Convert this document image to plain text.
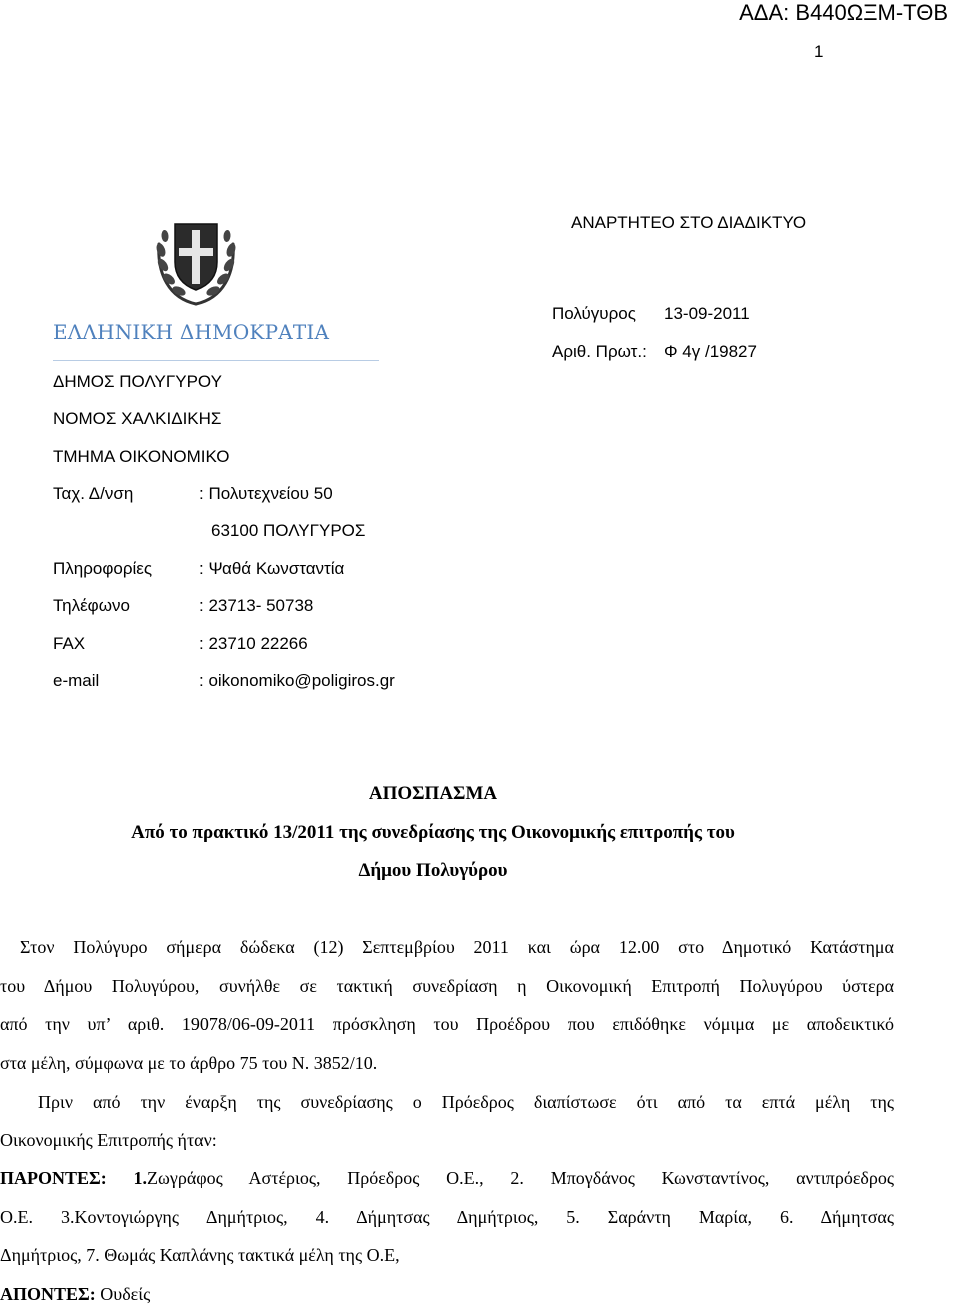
ΑΔΑ: Β440ΩΞΜ-ΤΘΒ
1
ΑΝΑΡΤΗΤΕΟ ΣΤΟ ΔΙΑΔΙΚΤΥΟ
ΕΛΛΗΝΙΚΗ ΔΗΜΟΚΡΑΤΙΑ
ΔΗΜΟΣ ΠΟΛΥΓΥΡΟΥ
ΝΟΜΟΣ ΧΑΛΚΙΔΙΚΗΣ
ΤΜΗΜΑ ΟΙΚΟΝΟΜΙΚΟ
Ταχ. Δ/νση	: Πολυτεχνείου 50
63100 ΠΟΛΥΓΥΡΟΣ
Πληροφορίες	: Ψαθά Κωνσταντία
Τηλέφωνο	: 23713- 50738
FAX	: 23710 22266
e-mail	: oikonomiko@poligiros.gr
Πολύγυρος 13-09-2011
Αριθ. Πρωτ.: Φ 4γ /19827
ΑΠΟΣΠΑΣΜΑ
Από το πρακτικό 13/2011 της συνεδρίασης της Οικονομικής επιτροπής του
Δήμου Πολυγύρου
Στον Πολύγυρο σήμερα δώδεκα (12) Σεπτεμβρίου 2011 και ώρα 12.00 στο Δημοτικό Κατάστημα
του Δήμου Πολυγύρου, συνήλθε σε τακτική συνεδρίαση η Οικονομική Επιτροπή Πολυγύρου ύστερα
από την υπ’ αριθ. 19078/06-09-2011 πρόσκληση του Προέδρου που επιδόθηκε νόμιμα με αποδεικτικό
στα μέλη, σύμφωνα με το άρθρο 75 του Ν. 3852/10.
Πριν από την έναρξη της συνεδρίασης ο Πρόεδρος διαπίστωσε ότι από τα επτά μέλη της
Οικονομικής Επιτροπής ήταν:
ΠΑΡΟΝΤΕΣ: 1.Ζωγράφος Αστέριος, Πρόεδρος Ο.Ε., 2. Μπογδάνος Κωνσταντίνος, αντιπρόεδρος
Ο.Ε. 3.Κοντογιώργης Δημήτριος, 4. Δήμητσας Δημήτριος, 5. Σαράντη Μαρία, 6. Δήμητσας
Δημήτριος, 7. Θωμάς Καπλάνης τακτικά μέλη της Ο.Ε,
ΑΠΟΝΤΕΣ: Ουδείς
